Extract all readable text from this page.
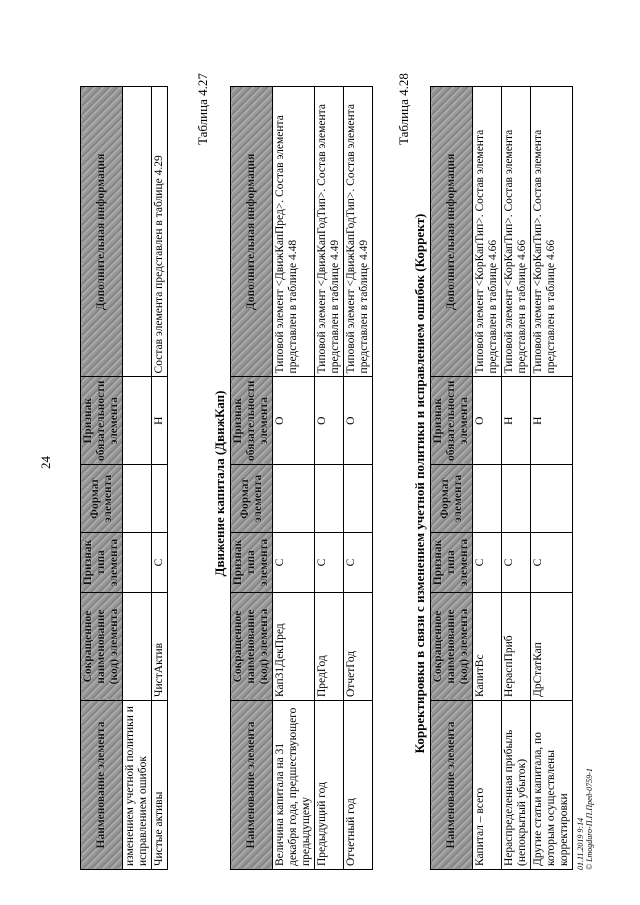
24
Наименование элемента	Сокращенное наименование (код) элемента	Признак типа элемента	Формат элемента	Признак обязательности элемента	Дополнительная информация
изменением учетной политики и исправлением ошибок					
Чистые активы	ЧистАктив	С		Н	Состав элемента представлен в таблице 4.29
Таблица 4.27
Движение капитала (ДвижКап)
Наименование элемента	Сокращенное наименование (код) элемента	Признак типа элемента	Формат элемента	Признак обязательности элемента	Дополнительная информация
Величина капитала на 31 декабря года, предшествующего предыдущему	Кап31ДекПред	С		О	Типовой элемент <ДвижКапПред>. Состав элемента представлен в таблице 4.48
Предыдущий год	ПредГод	С		О	Типовой элемент <ДвижКапГодТип>. Состав элемента представлен в таблице 4.49
Отчетный год	ОтчетГод	С		О	Типовой элемент <ДвижКапГодТип>. Состав элемента представлен в таблице 4.49
Таблица 4.28
Корректировки в связи с изменением учетной политики и исправлением ошибок (Коррект)
Наименование элемента	Сокращенное наименование (код) элемента	Признак типа элемента	Формат элемента	Признак обязательности элемента	Дополнительная информация
Капитал – всего	КапитВс	С		О	Типовой элемент <КорКапТип>. Состав элемента представлен в таблице 4.66
Нераспределенная прибыль (непокрытый убыток)	НераспПриб	С		Н	Типовой элемент <КорКапТип>. Состав элемента представлен в таблице 4.66
Другие статьи капитала, по которым осуществлены корректировки	ДрСтатКап	С		Н	Типовой элемент <КорКапТип>. Состав элемента представлен в таблице 4.66
01.11.2019 9:14 © Lmogduro-П.П.Пред-0759-1
